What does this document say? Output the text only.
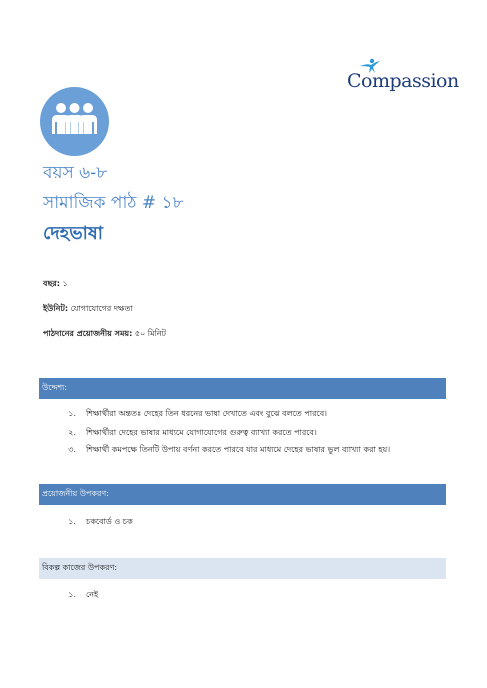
Compassion
বয়স ৬-৮
সামাজিক পাঠ # ১৮
দেহভাষা
বছর: ১
ইউনিট: যোগাযোগের দক্ষতা
পাঠদানের প্রয়োজনীয় সময়: ৫০ মিনিট
উদ্দেশ্য:
১. শিক্ষার্থীরা অন্ততঃ দেহের তিন ধরনের ভাষা দেখাতে এবং বুঝে বলতে পারবে।
২. শিক্ষার্থীরা দেহের ভাষার মাধ্যমে যোগাযোগের গুরুত্ব ব্যাখ্যা করতে পারবে।
৩. শিক্ষার্থী কমপক্ষে তিনটি উপায় বর্ণনা করতে পারবে যার মাধ্যমে দেহের ভাষার ভুল ব্যাখ্যা করা হয়।
প্রয়োজনীয় উপকরণ:
১. চকবোর্ড ও চক
বিকল্প কাজের উপকরণ:
১. নেই
